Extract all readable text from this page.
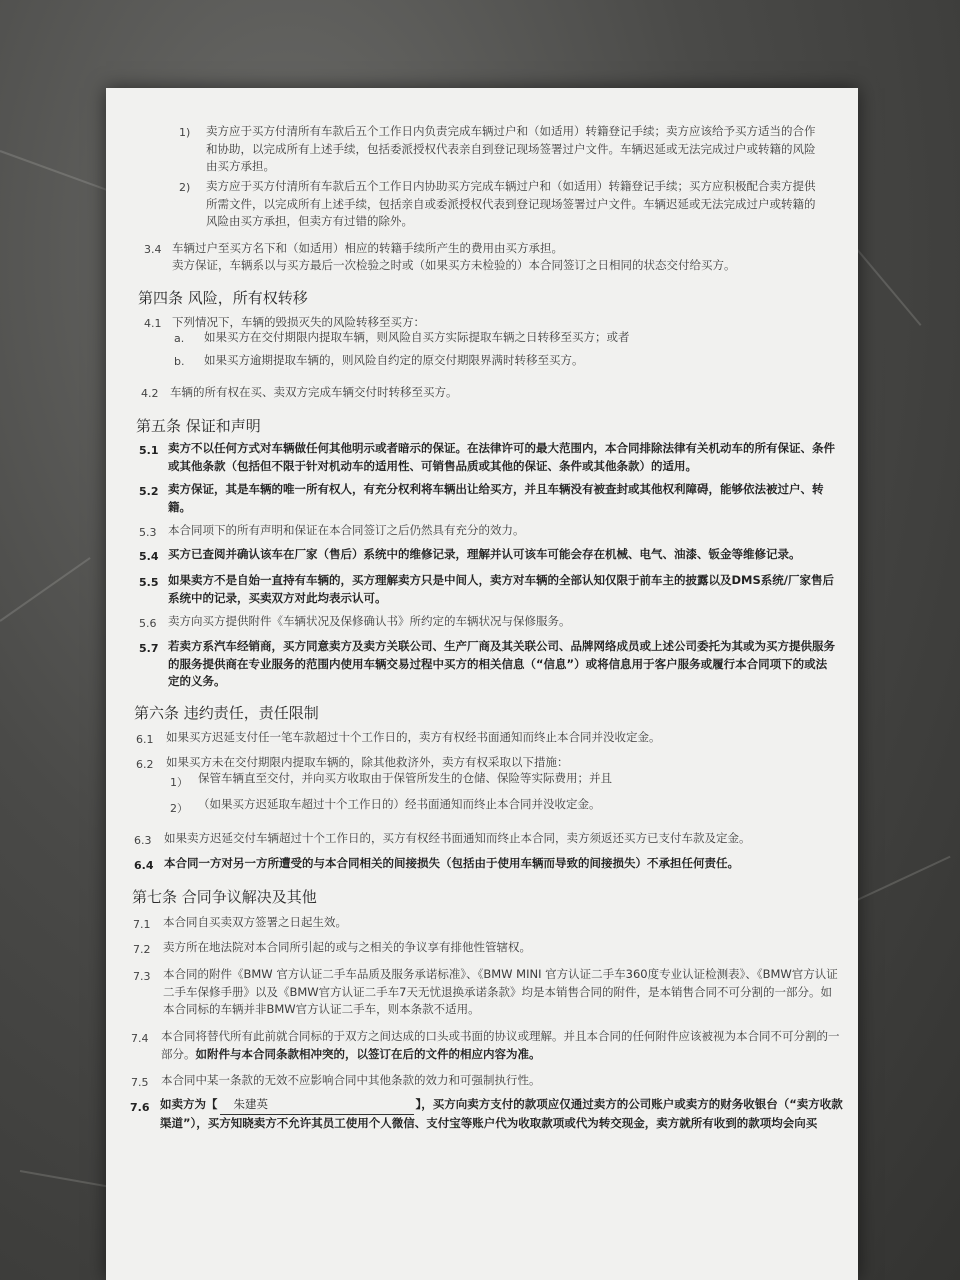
1) 卖方应于买方付清所有车款后五个工作日内负责完成车辆过户和（如适用）转籍登记手续；卖方应该给予买方适当的合作和协助，以完成所有上述手续，包括委派授权代表亲自到登记现场签署过户文件。车辆迟延或无法完成过户或转籍的风险由买方承担。
2) 卖方应于买方付清所有车款后五个工作日内协助买方完成车辆过户和（如适用）转籍登记手续；买方应积极配合卖方提供所需文件，以完成所有上述手续，包括亲自或委派授权代表到登记现场签署过户文件。车辆迟延或无法完成过户或转籍的风险由买方承担，但卖方有过错的除外。
3.4 车辆过户至买方名下和（如适用）相应的转籍手续所产生的费用由买方承担。
卖方保证，车辆系以与买方最后一次检验之时或（如果买方未检验的）本合同签订之日相同的状态交付给买方。
第四条 风险，所有权转移
4.1 下列情况下，车辆的毁损灭失的风险转移至买方：
a. 如果买方在交付期限内提取车辆，则风险自买方实际提取车辆之日转移至买方；或者
b. 如果买方逾期提取车辆的，则风险自约定的原交付期限界满时转移至买方。
4.2 车辆的所有权在买、卖双方完成车辆交付时转移至买方。
第五条 保证和声明
5.1 卖方不以任何方式对车辆做任何其他明示或者暗示的保证。在法律许可的最大范围内，本合同排除法律有关机动车的所有保证、条件或其他条款（包括但不限于针对机动车的适用性、可销售品质或其他的保证、条件或其他条款）的适用。
5.2 卖方保证，其是车辆的唯一所有权人，有充分权利将车辆出让给买方，并且车辆没有被查封或其他权利障碍，能够依法被过户、转籍。
5.3 本合同项下的所有声明和保证在本合同签订之后仍然具有充分的效力。
5.4 买方已查阅并确认该车在厂家（售后）系统中的维修记录，理解并认可该车可能会存在机械、电气、油漆、钣金等维修记录。
5.5 如果卖方不是自始一直持有车辆的，买方理解卖方只是中间人，卖方对车辆的全部认知仅限于前车主的披露以及DMS系统/厂家售后系统中的记录，买卖双方对此均表示认可。
5.6 卖方向买方提供附件《车辆状况及保修确认书》所约定的车辆状况与保修服务。
5.7 若卖方系汽车经销商，买方同意卖方及卖方关联公司、生产厂商及其关联公司、品牌网络成员或上述公司委托为其或为买方提供服务的服务提供商在专业服务的范围内使用车辆交易过程中买方的相关信息（“信息”）或将信息用于客户服务或履行本合同项下的或法定的义务。
第六条 违约责任，责任限制
6.1 如果买方迟延支付任一笔车款超过十个工作日的，卖方有权经书面通知而终止本合同并没收定金。
6.2 如果买方未在交付期限内提取车辆的，除其他救济外，卖方有权采取以下措施：
1） 保管车辆直至交付，并向买方收取由于保管所发生的仓储、保险等实际费用；并且
2） （如果买方迟延取车超过十个工作日的）经书面通知而终止本合同并没收定金。
6.3 如果卖方迟延交付车辆超过十个工作日的，买方有权经书面通知而终止本合同，卖方须返还买方已支付车款及定金。
6.4 本合同一方对另一方所遭受的与本合同相关的间接损失（包括由于使用车辆而导致的间接损失）不承担任何责任。
第七条 合同争议解决及其他
7.1 本合同自买卖双方签署之日起生效。
7.2 卖方所在地法院对本合同所引起的或与之相关的争议享有排他性管辖权。
7.3 本合同的附件《BMW 官方认证二手车品质及服务承诺标准》、《BMW MINI 官方认证二手车360度专业认证检测表》、《BMW官方认证二手车保修手册》以及《BMW官方认证二手车7天无忧退换承诺条款》均是本销售合同的附件，是本销售合同不可分割的一部分。如本合同标的车辆并非BMW官方认证二手车，则本条款不适用。
7.4 本合同将替代所有此前就合同标的于双方之间达成的口头或书面的协议或理解。并且本合同的任何附件应该被视为本合同不可分割的一部分。如附件与本合同条款相冲突的，以签订在后的文件的相应内容为准。
7.5 本合同中某一条款的无效不应影响合同中其他条款的效力和可强制执行性。
7.6 如卖方为【 朱建英	】，买方向卖方支付的款项应仅通过卖方的公司账户或卖方的财务收银台（“卖方收款渠道”），买方知晓卖方不允许其员工使用个人微信、支付宝等账户代为收取款项或代为转交现金，卖方就所有收到的款项均会向买
